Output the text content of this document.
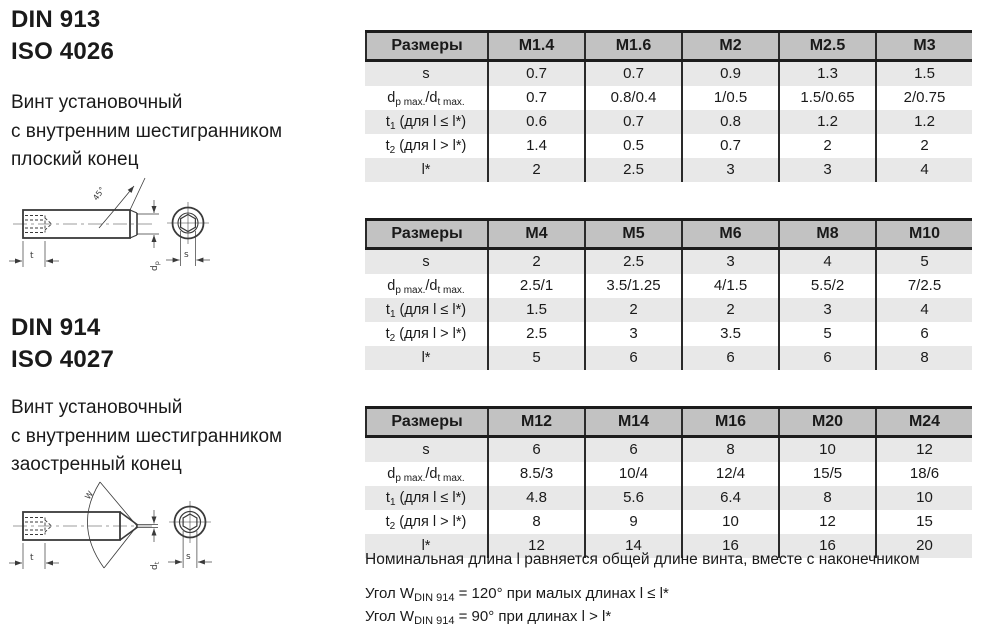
DIN 913
ISO 4026
Винт установочный
с внутренним шестигранником
плоский конец
t
$d_p$
s
45°
DIN 914
ISO 4027
Винт установочный
с внутренним шестигранником
заостренный конец
t
$d_t$
s
W
Размеры	M1.4	M1.6	M2	M2.5	M3
s	0.7	0.7	0.9	1.3	1.5
$d_{p max.}/d_{t max.}$	0.7	0.8/0.4	1/0.5	1.5/0.65	2/0.75
$t_1$ (для l ≤ l*)	0.6	0.7	0.8	1.2	1.2
$t_2$ (для l > l*)	1.4	0.5	0.7	2	2
l*	2	2.5	3	3	4
Размеры	M4	M5	M6	M8	M10
s	2	2.5	3	4	5
$d_{p max.}/d_{t max.}$	2.5/1	3.5/1.25	4/1.5	5.5/2	7/2.5
$t_1$ (для l ≤ l*)	1.5	2	2	3	4
$t_2$ (для l > l*)	2.5	3	3.5	5	6
l*	5	6	6	6	8
Размеры	M12	M14	M16	M20	M24
s	6	6	8	10	12
$d_{p max.}/d_{t max.}$	8.5/3	10/4	12/4	15/5	18/6
$t_1$ (для l ≤ l*)	4.8	5.6	6.4	8	10
$t_2$ (для l > l*)	8	9	10	12	15
l*	12	14	16	16	20
Номинальная длина l равняется общей длине винта, вместе с наконечником
Угол $W_{DIN 914} = 120^\circ$ при малых длинах l ≤ l*
Угол $W_{DIN 914} = 90^\circ$ при длинах l > l*
